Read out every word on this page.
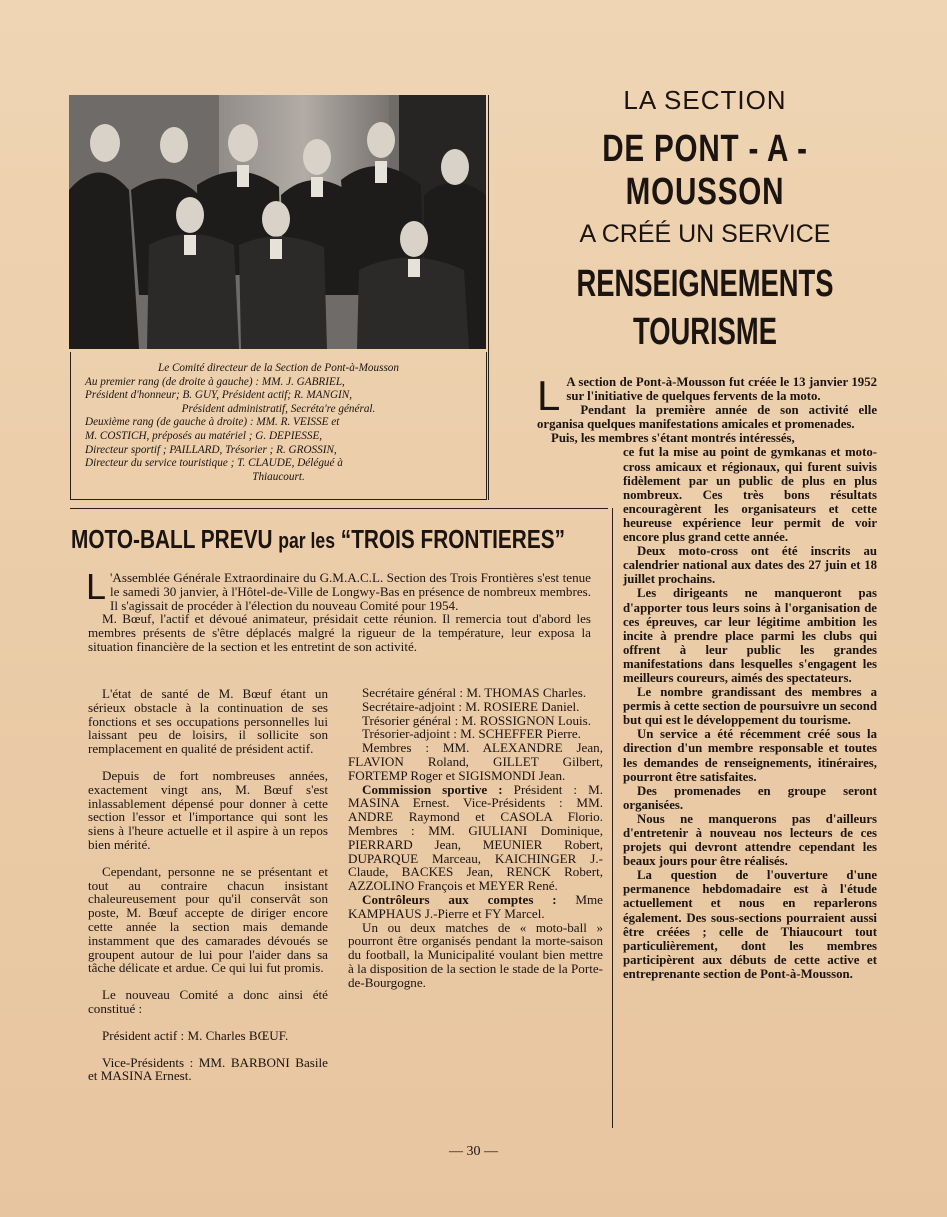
Le Comité directeur de la Section de Pont-à-Mousson
Au premier rang (de droite à gauche) : MM. J. GABRIEL,
Président d'honneur; B. GUY, Président actif; R. MANGIN,
Président administratif, Secréta're général.
Deuxième rang (de gauche à droite) : MM. R. VEISSE et
M. COSTICH, préposés au matériel ; G. DEPIESSE,
Directeur sportif ; PAILLARD, Trésorier ; R. GROSSIN,
Directeur du service touristique ; T. CLAUDE, Délégué à
Thiaucourt.
LA SECTION
DE PONT - A - MOUSSON
A CRÉÉ UN SERVICE
RENSEIGNEMENTS
TOURISME
MOTO-BALL PREVU par les “TROIS FRONTIERES”
L 'Assemblée Générale Extraordinaire du G.M.A.C.L. Section des Trois Frontières s'est tenue le samedi 30 janvier, à l'Hôtel-de-Ville de Longwy-Bas en présence de nombreux membres. Il s'agissait de procéder à l'élection du nouveau Comité pour 1954.
M. Bœuf, l'actif et dévoué animateur, présidait cette réunion. Il remercia tout d'abord les membres présents de s'être déplacés malgré la rigueur de la température, leur exposa la situation financière de la section et les entretint de son activité.

L'état de santé de M. Bœuf étant un sérieux obstacle à la continuation de ses fonctions et ses occupations personnelles lui laissant peu de loisirs, il sollicite son remplacement en qualité de président actif.

Depuis de fort nombreuses années, exactement vingt ans, M. Bœuf s'est inlassablement dépensé pour donner à cette section l'essor et l'importance qui sont les siens à l'heure actuelle et il aspire à un repos bien mérité.

Cependant, personne ne se présentant et tout au contraire chacun insistant chaleureusement pour qu'il conservât son poste, M. Bœuf accepte de diriger encore cette année la section mais demande instamment que des camarades dévoués se groupent autour de lui pour l'aider dans sa tâche délicate et ardue. Ce qui lui fut promis.

Le nouveau Comité a donc ainsi été constitué :

Président actif : M. Charles BŒUF.

Vice-Présidents : MM. BARBONI Basile et MASINA Ernest.

Secrétaire général : M. THOMAS Charles.

Secrétaire-adjoint : M. ROSIERE Daniel.

Trésorier général : M. ROSSIGNON Louis.

Trésorier-adjoint : M. SCHEFFER Pierre.

Membres : MM. ALEXANDRE Jean, FLAVION Roland, GILLET Gilbert, FORTEMP Roger et SIGISMONDI Jean.

Commission sportive : Président : M. MASINA Ernest. Vice-Présidents : MM. ANDRE Raymond et CASOLA Florio. Membres : MM. GIULIANI Dominique, PIERRARD Jean, MEUNIER Robert, DUPARQUE Marceau, KAICHINGER J.-Claude, BACKES Jean, RENCK Robert, AZZOLINO François et MEYER René.

Contrôleurs aux comptes : Mme KAMPHAUS J.-Pierre et FY Marcel.

Un ou deux matches de « moto-ball » pourront être organisés pendant la morte-saison du football, la Municipalité voulant bien mettre à la disposition de la section le stade de la Porte-de-Bourgogne.

L A section de Pont-à-Mousson fut créée le 13 janvier 1952 sur l'initiative de quelques fervents de la moto.

Pendant la première année de son activité elle organisa quelques manifestations amicales et promenades.

Puis, les membres s'étant montrés intéressés,

ce fut la mise au point de gymkanas et moto-cross amicaux et régionaux, qui furent suivis fidèlement par un public de plus en plus nombreux. Ces très bons résultats encouragèrent les organisateurs et cette heureuse expérience leur permit de voir encore plus grand cette année.

Deux moto-cross ont été inscrits au calendrier national aux dates des 27 juin et 18 juillet prochains.

Les dirigeants ne manqueront pas d'apporter tous leurs soins à l'organisation de ces épreuves, car leur légitime ambition les incite à prendre place parmi les clubs qui offrent à leur public les grandes manifestations dans lesquelles s'engagent les meilleurs coureurs, aimés des spectateurs.

Le nombre grandissant des membres a permis à cette section de poursuivre un second but qui est le développement du tourisme.

Un service a été récemment créé sous la direction d'un membre responsable et toutes les demandes de renseignements, itinéraires, pourront être satisfaites.

Des promenades en groupe seront organisées.

Nous ne manquerons pas d'ailleurs d'entretenir à nouveau nos lecteurs de ces projets qui devront attendre cependant les beaux jours pour être réalisés.

La question de l'ouverture d'une permanence hebdomadaire est à l'étude actuellement et nous en reparlerons également. Des sous-sections pourraient aussi être créées ; celle de Thiaucourt tout particulièrement, dont les membres participèrent aux débuts de cette active et entreprenante section de Pont-à-Mousson.

— 30 —
